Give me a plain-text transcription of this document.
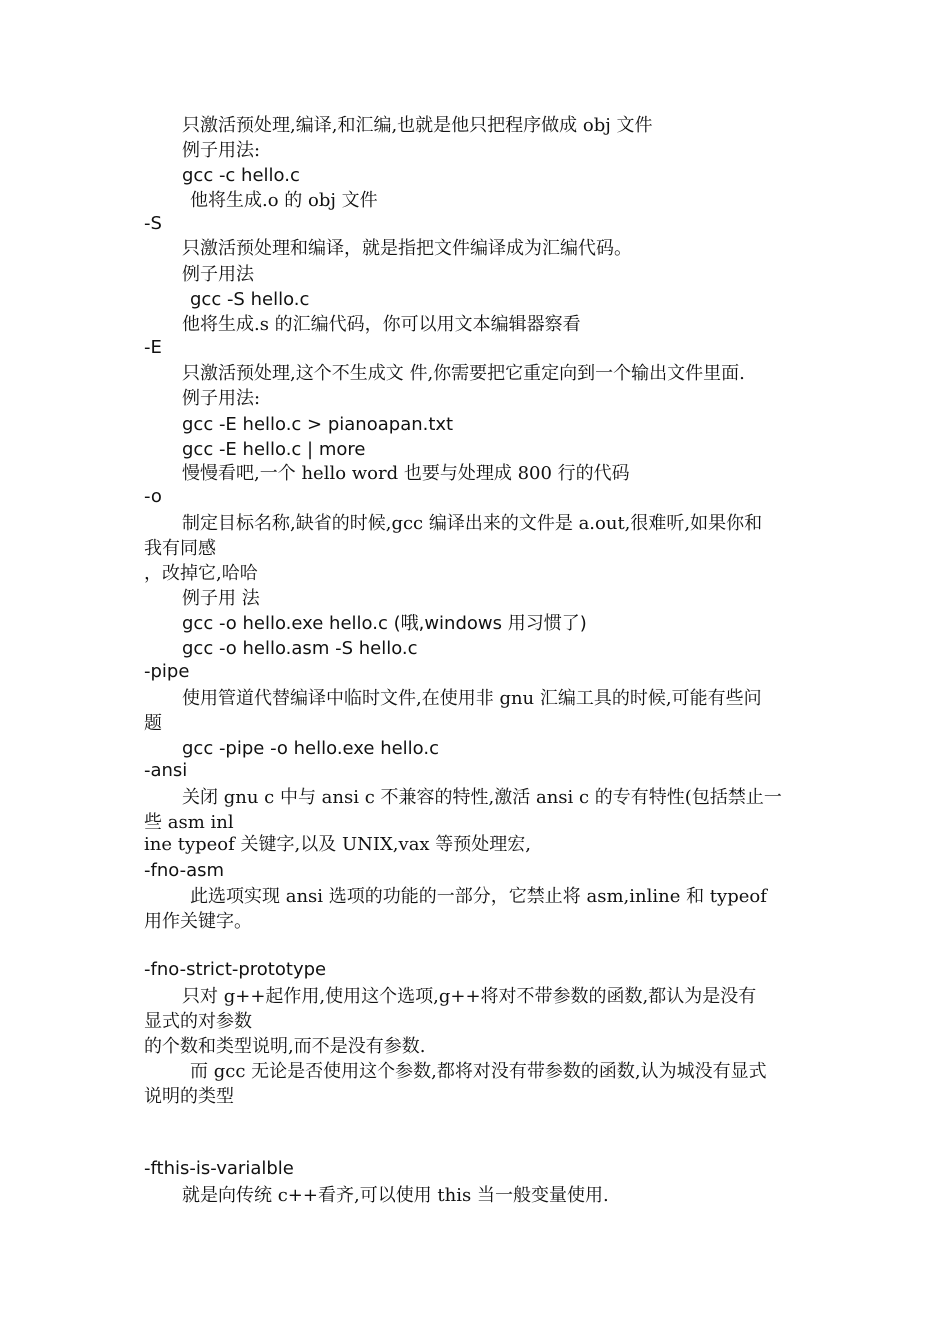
只激活预处理,编译,和汇编,也就是他只把程序做成 obj 文件
例子用法:
gcc -c hello.c
他将生成.o 的 obj 文件
-S
只激活预处理和编译，就是指把文件编译成为汇编代码。
例子用法
gcc -S hello.c
他将生成.s 的汇编代码，你可以用文本编辑器察看
-E
只激活预处理,这个不生成文 件,你需要把它重定向到一个输出文件里面.
例子用法:
gcc -E hello.c > pianoapan.txt
gcc -E hello.c | more
慢慢看吧,一个 hello word 也要与处理成 800 行的代码
-o
制定目标名称,缺省的时候,gcc 编译出来的文件是 a.out,很难听,如果你和
我有同感
，改掉它,哈哈
例子用 法
gcc -o hello.exe hello.c (哦,windows 用习惯了)
gcc -o hello.asm -S hello.c
-pipe
使用管道代替编译中临时文件,在使用非 gnu 汇编工具的时候,可能有些问
题
gcc -pipe -o hello.exe hello.c
-ansi
关闭 gnu c 中与 ansi c 不兼容的特性,激活 ansi c 的专有特性(包括禁止一
些 asm inl
ine typeof 关键字,以及 UNIX,vax 等预处理宏,
-fno-asm
此选项实现 ansi 选项的功能的一部分，它禁止将 asm,inline 和 typeof
用作关键字。
-fno-strict-prototype
只对 g++起作用,使用这个选项,g++将对不带参数的函数,都认为是没有
显式的对参数
的个数和类型说明,而不是没有参数.
而 gcc 无论是否使用这个参数,都将对没有带参数的函数,认为城没有显式
说明的类型
-fthis-is-varialble
就是向传统 c++看齐,可以使用 this 当一般变量使用.
